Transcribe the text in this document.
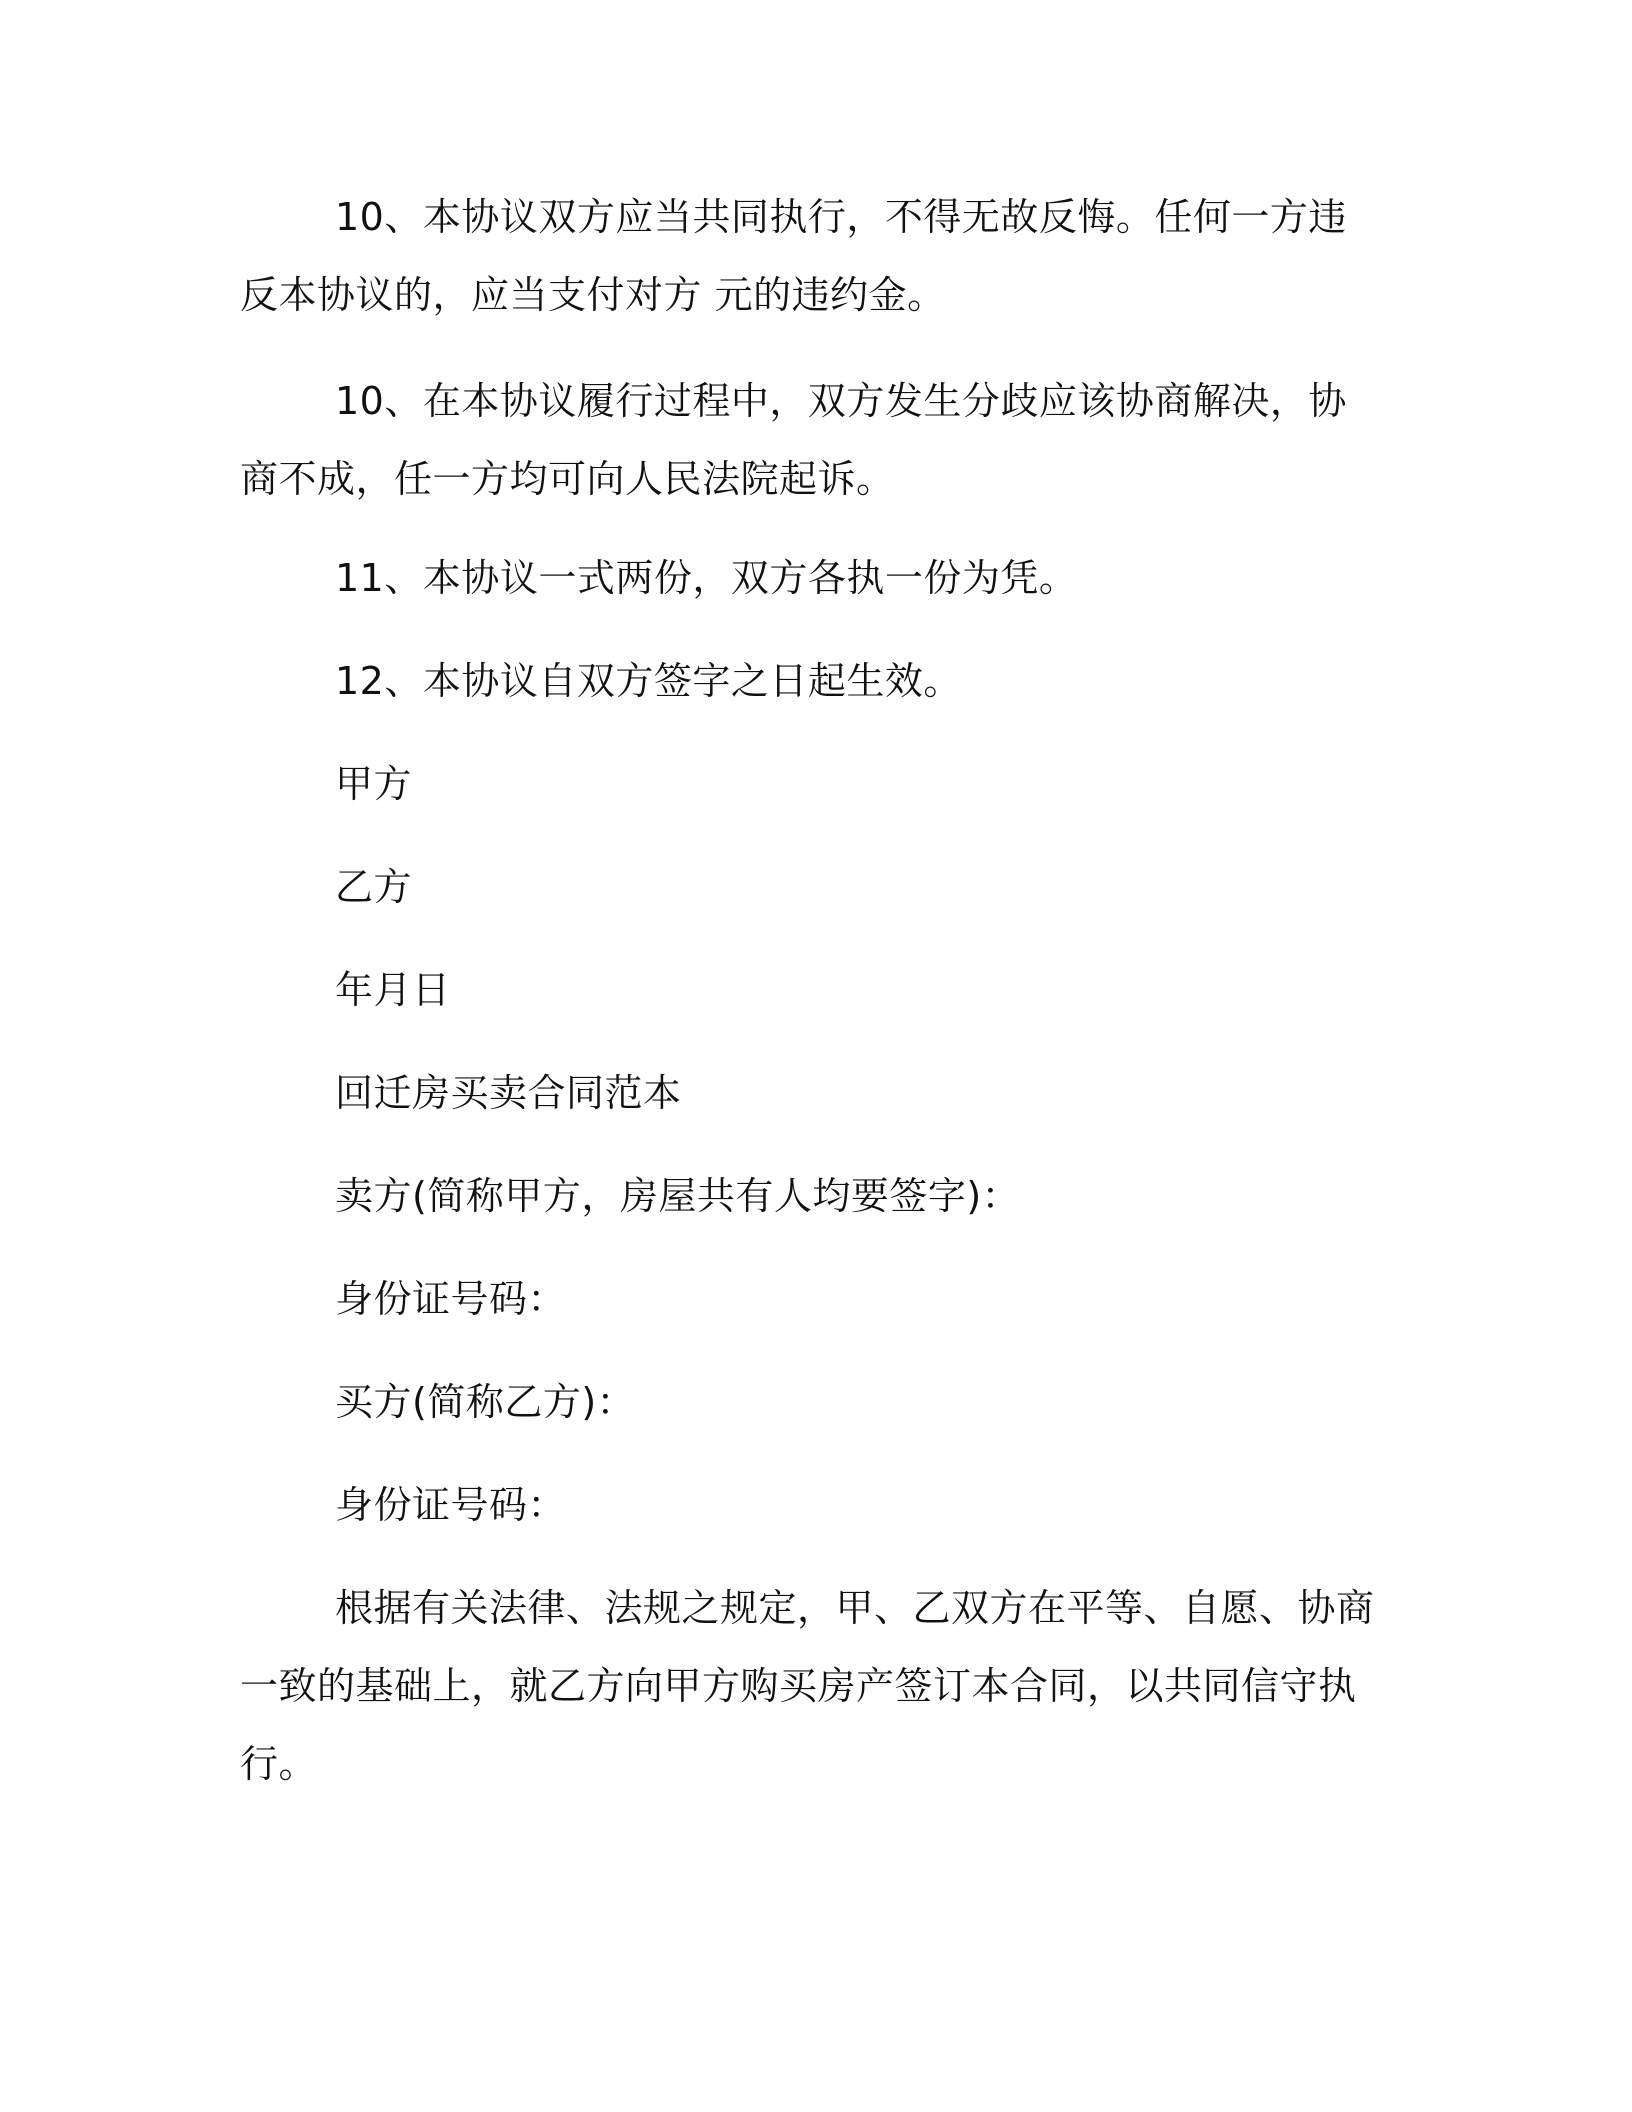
10、本协议双方应当共同执行，不得无故反悔。任何一方违反本协议的，应当支付对方 元的违约金。

10、在本协议履行过程中，双方发生分歧应该协商解决，协商不成，任一方均可向人民法院起诉。

11、本协议一式两份，双方各执一份为凭。

12、本协议自双方签字之日起生效。

甲方

乙方

年月日

回迁房买卖合同范本

卖方(简称甲方，房屋共有人均要签字)：

身份证号码：

买方(简称乙方)：

身份证号码：

根据有关法律、法规之规定，甲、乙双方在平等、自愿、协商一致的基础上，就乙方向甲方购买房产签订本合同，以共同信守执行。
